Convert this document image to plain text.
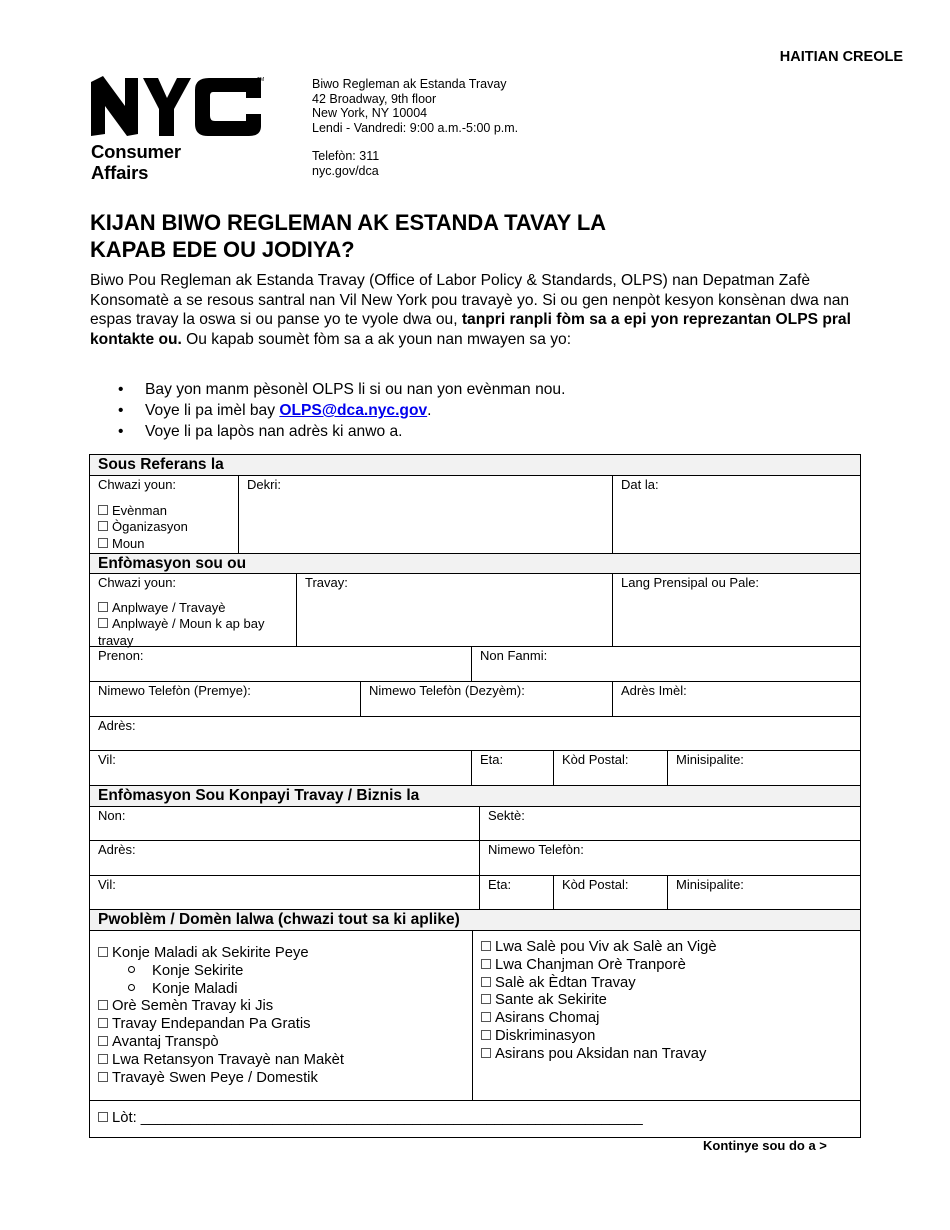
HAITIAN CREOLE
TM
Consumer
Affairs
Biwo Regleman ak Estanda Travay
42 Broadway, 9th floor
New York, NY 10004
Lendi - Vandredi: 9:00 a.m.-5:00 p.m.
Telefòn: 311
nyc.gov/dca
KIJAN BIWO REGLEMAN AK ESTANDA TAVAY LA
KAPAB EDE OU JODIYA?

Biwo Pou Regleman ak Estanda Travay (Office of Labor Policy & Standards, OLPS) nan Depatman Zafè Konsomatè a se resous santral nan Vil New York pou travayè yo. Si ou gen nenpòt kesyon konsènan dwa nan espas travay la oswa si ou panse yo te vyole dwa ou, tanpri ranpli fòm sa a epi yon reprezantan OLPS pral kontakte ou. Ou kapab soumèt fòm sa a ak youn nan mwayen sa yo:

• Bay yon manm pèsonèl OLPS li si ou nan yon evènman nou.
• Voye li pa imèl bay OLPS@dca.nyc.gov.
• Voye li pa lapòs nan adrès ki anwo a.
Sous Referans la
Chwazi youn:
Evènman
Òganizasyon
Moun
Dekri:	Dat la:
Enfòmasyon sou ou
Chwazi youn:
Anplwaye / Travayè
Anplwayè / Moun k ap bay travay
Travay:	Lang Prensipal ou Pale:
Prenon:	Non Fanmi:
Nimewo Telefòn (Premye):	Nimewo Telefòn (Dezyèm):	Adrès Imèl:
Adrès:
Vil:	Eta:	Kòd Postal:	Minisipalite:
Enfòmasyon Sou Konpayi Travay / Biznis la
Non:	Sektè:
Adrès:	Nimewo Telefòn:
Vil:	Eta:	Kòd Postal:	Minisipalite:
Pwoblèm / Domèn lalwa (chwazi tout sa ki aplike)
Konje Maladi ak Sekirite Peye
Konje Sekirite
Konje Maladi
Orè Semèn Travay ki Jis
Travay Endepandan Pa Gratis
Avantaj Transpò
Lwa Retansyon Travayè nan Makèt
Travayè Swen Peye / Domestik
Lwa Salè pou Viv ak Salè an Vigè
Lwa Chanjman Orè Tranporè
Salè ak Èdtan Travay
Sante ak Sekirite
Asirans Chomaj
Diskriminasyon
Asirans pou Aksidan nan Travay
Lòt: _____________________________________________________________
Kontinye sou do a >
